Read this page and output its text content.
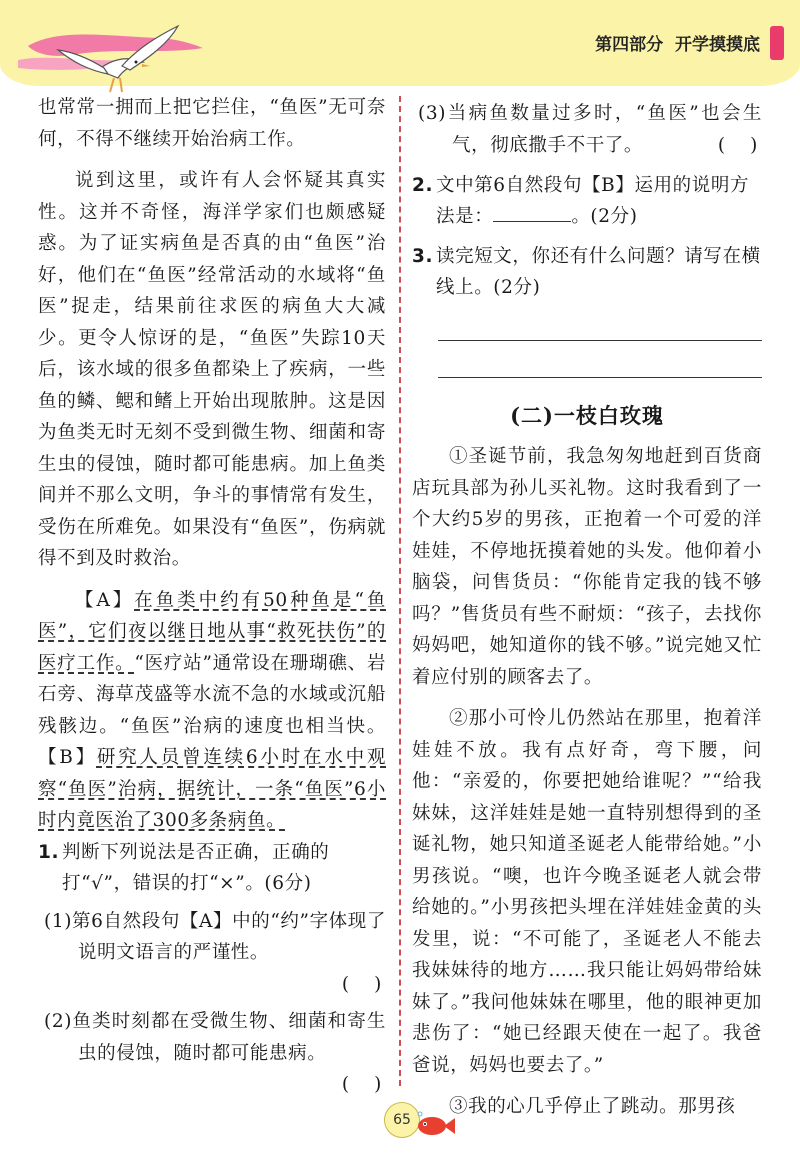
第四部分 开学摸摸底

也常常一拥而上把它拦住，“鱼医”无可奈何，不得不继续开始治病工作。

说到这里，或许有人会怀疑其真实性。这并不奇怪，海洋学家们也颇感疑惑。为了证实病鱼是否真的由“鱼医”治好，他们在“鱼医”经常活动的水域将“鱼医”捉走，结果前往求医的病鱼大大减少。更令人惊讶的是，“鱼医”失踪10天后，该水域的很多鱼都染上了疾病，一些鱼的鳞、鳃和鳍上开始出现脓肿。这是因为鱼类无时无刻不受到微生物、细菌和寄生虫的侵蚀，随时都可能患病。加上鱼类间并不那么文明，争斗的事情常有发生，受伤在所难免。如果没有“鱼医”，伤病就得不到及时救治。

【A】在鱼类中约有50种鱼是“鱼医”，它们夜以继日地从事“救死扶伤”的医疗工作。“医疗站”通常设在珊瑚礁、岩石旁、海草茂盛等水流不急的水域或沉船残骸边。“鱼医”治病的速度也相当快。【B】研究人员曾连续6小时在水中观察“鱼医”治病，据统计，一条“鱼医”6小时内竟医治了300多条病鱼。

1. 判断下列说法是否正确，正确的打“√”，错误的打“×”。(6分)

(1)第6自然段句【A】中的“约”字体现了说明文语言的严谨性。

( )

(2)鱼类时刻都在受微生物、细菌和寄生虫的侵蚀，随时都可能患病。

( )

(3)当病鱼数量过多时，“鱼医”也会生气，彻底撒手不干了。	( )

2. 文中第6自然段句【B】运用的说明方法是：	。(2分)
3. 读完短文，你还有什么问题？请写在横线上。(2分)
(二)一枝白玫瑰

①圣诞节前，我急匆匆地赶到百货商店玩具部为孙儿买礼物。这时我看到了一个大约5岁的男孩，正抱着一个可爱的洋娃娃，不停地抚摸着她的头发。他仰着小脑袋，问售货员：“你能肯定我的钱不够吗？”售货员有些不耐烦：“孩子，去找你妈妈吧，她知道你的钱不够。”说完她又忙着应付别的顾客去了。

②那小可怜儿仍然站在那里，抱着洋娃娃不放。我有点好奇，弯下腰，问他：“亲爱的，你要把她给谁呢？”“给我妹妹，这洋娃娃是她一直特别想得到的圣诞礼物，她只知道圣诞老人能带给她。”小男孩说。“噢，也许今晚圣诞老人就会带给她的。”小男孩把头埋在洋娃娃金黄的头发里，说：“不可能了，圣诞老人不能去我妹妹待的地方……我只能让妈妈带给妹妹了。”我问他妹妹在哪里，他的眼神更加悲伤了：“她已经跟天使在一起了。我爸爸说，妈妈也要去了。”

③我的心几乎停止了跳动。那男孩

65
